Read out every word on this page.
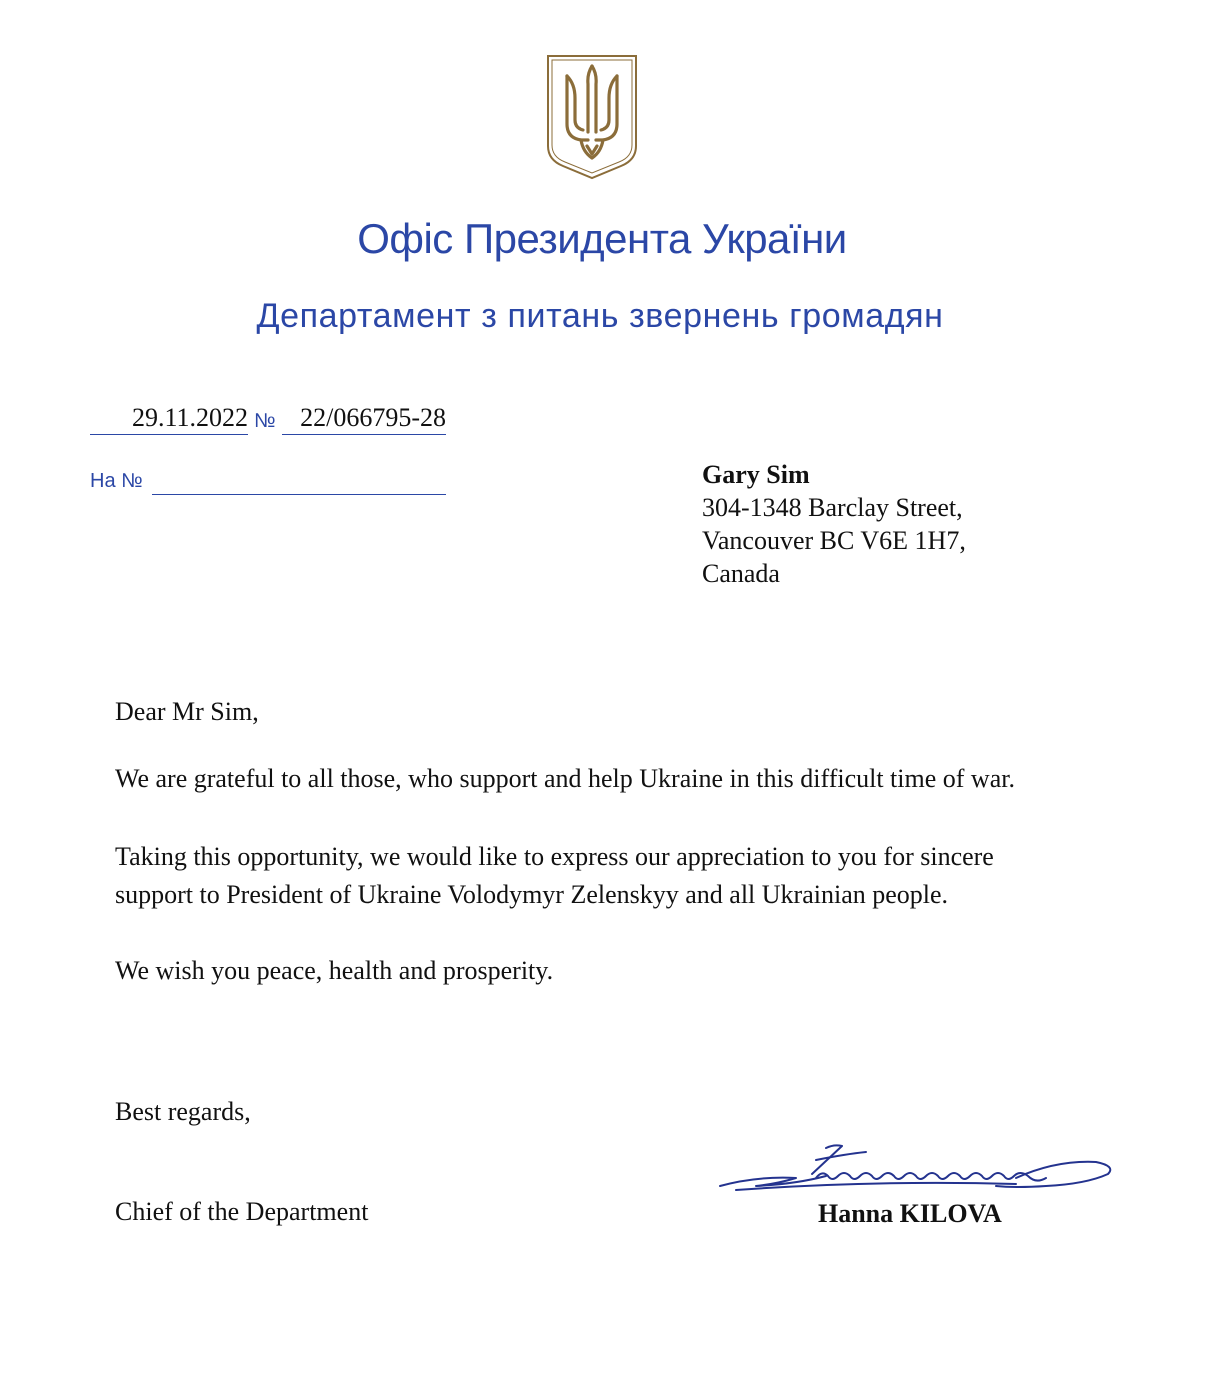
Офіс Президента України
Департамент з питань звернень громадян
29.11.2022 № 22/066795-28
На №	Gary Sim
304-1348 Barclay Street,
Vancouver BC V6E 1H7,
Canada
Dear Mr Sim,
We are grateful to all those, who support and help Ukraine in this difficult time of war.
Taking this opportunity, we would like to express our appreciation to you for sincere
support to President of Ukraine Volodymyr Zelenskyy and all Ukrainian people.
We wish you peace, health and prosperity.
Best regards,
Chief of the Department	Hanna KILOVA
